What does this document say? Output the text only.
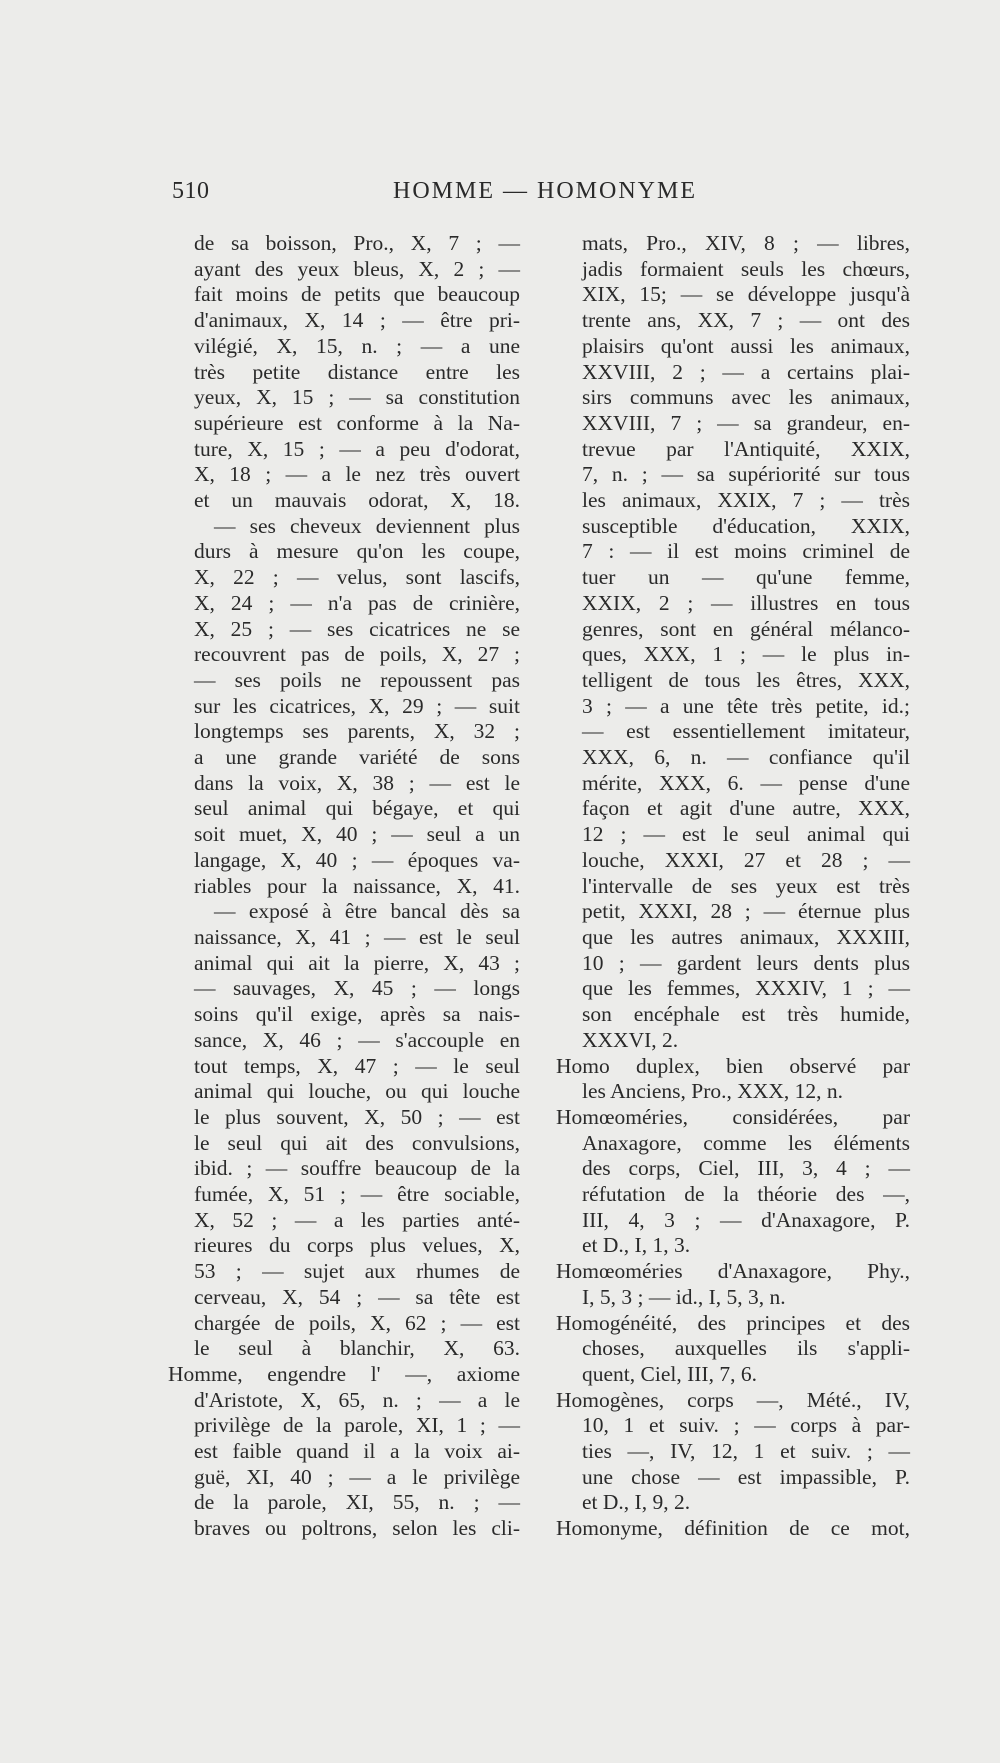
510	HOMME — HOMONYME
de sa boisson, Pro., X, 7 ; —
ayant des yeux bleus, X, 2 ; —
fait moins de petits que beaucoup
d'animaux, X, 14 ; — être pri-
vilégié, X, 15, n. ; — a une
très petite distance entre les
yeux, X, 15 ; — sa constitution
supérieure est conforme à la Na-
ture, X, 15 ; — a peu d'odorat,
X, 18 ; — a le nez très ouvert
et un mauvais odorat, X, 18.
— ses cheveux deviennent plus
durs à mesure qu'on les coupe,
X, 22 ; — velus, sont lascifs,
X, 24 ; — n'a pas de crinière,
X, 25 ; — ses cicatrices ne se
recouvrent pas de poils, X, 27 ;
— ses poils ne repoussent pas
sur les cicatrices, X, 29 ; — suit
longtemps ses parents, X, 32 ;
a une grande variété de sons
dans la voix, X, 38 ; — est le
seul animal qui bégaye, et qui
soit muet, X, 40 ; — seul a un
langage, X, 40 ; — époques va-
riables pour la naissance, X, 41.
— exposé à être bancal dès sa
naissance, X, 41 ; — est le seul
animal qui ait la pierre, X, 43 ;
— sauvages, X, 45 ; — longs
soins qu'il exige, après sa nais-
sance, X, 46 ; — s'accouple en
tout temps, X, 47 ; — le seul
animal qui louche, ou qui louche
le plus souvent, X, 50 ; — est
le seul qui ait des convulsions,
ibid. ; — souffre beaucoup de la
fumée, X, 51 ; — être sociable,
X, 52 ; — a les parties anté-
rieures du corps plus velues, X,
53 ; — sujet aux rhumes de
cerveau, X, 54 ; — sa tête est
chargée de poils, X, 62 ; — est
le seul à blanchir, X, 63.
Homme, engendre l' —, axiome
d'Aristote, X, 65, n. ; — a le
privilège de la parole, XI, 1 ; —
est faible quand il a la voix ai-
guë, XI, 40 ; — a le privilège
de la parole, XI, 55, n. ; —
braves ou poltrons, selon les cli-
mats, Pro., XIV, 8 ; — libres,
jadis formaient seuls les chœurs,
XIX, 15; — se développe jusqu'à
trente ans, XX, 7 ; — ont des
plaisirs qu'ont aussi les animaux,
XXVIII, 2 ; — a certains plai-
sirs communs avec les animaux,
XXVIII, 7 ; — sa grandeur, en-
trevue par l'Antiquité, XXIX,
7, n. ; — sa supériorité sur tous
les animaux, XXIX, 7 ; — très
susceptible d'éducation, XXIX,
7 : — il est moins criminel de
tuer un — qu'une femme,
XXIX, 2 ; — illustres en tous
genres, sont en général mélanco-
ques, XXX, 1 ; — le plus in-
telligent de tous les êtres, XXX,
3 ; — a une tête très petite, id.;
— est essentiellement imitateur,
XXX, 6, n. — confiance qu'il
mérite, XXX, 6. — pense d'une
façon et agit d'une autre, XXX,
12 ; — est le seul animal qui
louche, XXXI, 27 et 28 ; —
l'intervalle de ses yeux est très
petit, XXXI, 28 ; — éternue plus
que les autres animaux, XXXIII,
10 ; — gardent leurs dents plus
que les femmes, XXXIV, 1 ; —
son encéphale est très humide,
XXXVI, 2.
Homo duplex, bien observé par
les Anciens, Pro., XXX, 12, n.
Homœoméries, considérées, par
Anaxagore, comme les éléments
des corps, Ciel, III, 3, 4 ; —
réfutation de la théorie des —,
III, 4, 3 ; — d'Anaxagore, P.
et D., I, 1, 3.
Homœoméries d'Anaxagore, Phy.,
I, 5, 3 ; — id., I, 5, 3, n.
Homogénéité, des principes et des
choses, auxquelles ils s'appli-
quent, Ciel, III, 7, 6.
Homogènes, corps —, Mété., IV,
10, 1 et suiv. ; — corps à par-
ties —, IV, 12, 1 et suiv. ; —
une chose — est impassible, P.
et D., I, 9, 2.
Homonyme, définition de ce mot,
